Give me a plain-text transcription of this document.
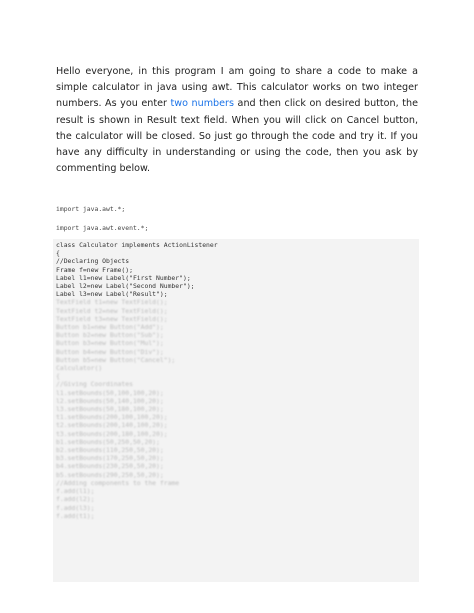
Hello everyone, in this program I am going to share a code to make a simple calculator in java using awt. This calculator works on two integer numbers. As you enter two numbers and then click on desired button, the result is shown in Result text field. When you will click on Cancel button, the calculator will be closed. So just go through the code and try it. If you have any difficulty in understanding or using the code, then you ask by commenting below.

import java.awt.*;
import java.awt.event.*;
class Calculator implements ActionListener
{
//Declaring Objects
Frame f=new Frame();
Label l1=new Label("First Number");
Label l2=new Label("Second Number");
Label l3=new Label("Result");
TextField t1=new TextField();
TextField t2=new TextField();
TextField t3=new TextField();
Button b1=new Button("Add");
Button b2=new Button("Sub");
Button b3=new Button("Mul");
Button b4=new Button("Div");
Button b5=new Button("Cancel");
Calculator()
{
//Giving Coordinates
l1.setBounds(50,100,100,20);
l2.setBounds(50,140,100,20);
l3.setBounds(50,180,100,20);
t1.setBounds(200,100,100,20);
t2.setBounds(200,140,100,20);
t3.setBounds(200,180,100,20);
b1.setBounds(50,250,50,20);
b2.setBounds(110,250,50,20);
b3.setBounds(170,250,50,20);
b4.setBounds(230,250,50,20);
b5.setBounds(290,250,50,20);
//Adding components to the frame
f.add(l1);
f.add(l2);
f.add(l3);
f.add(t1);
